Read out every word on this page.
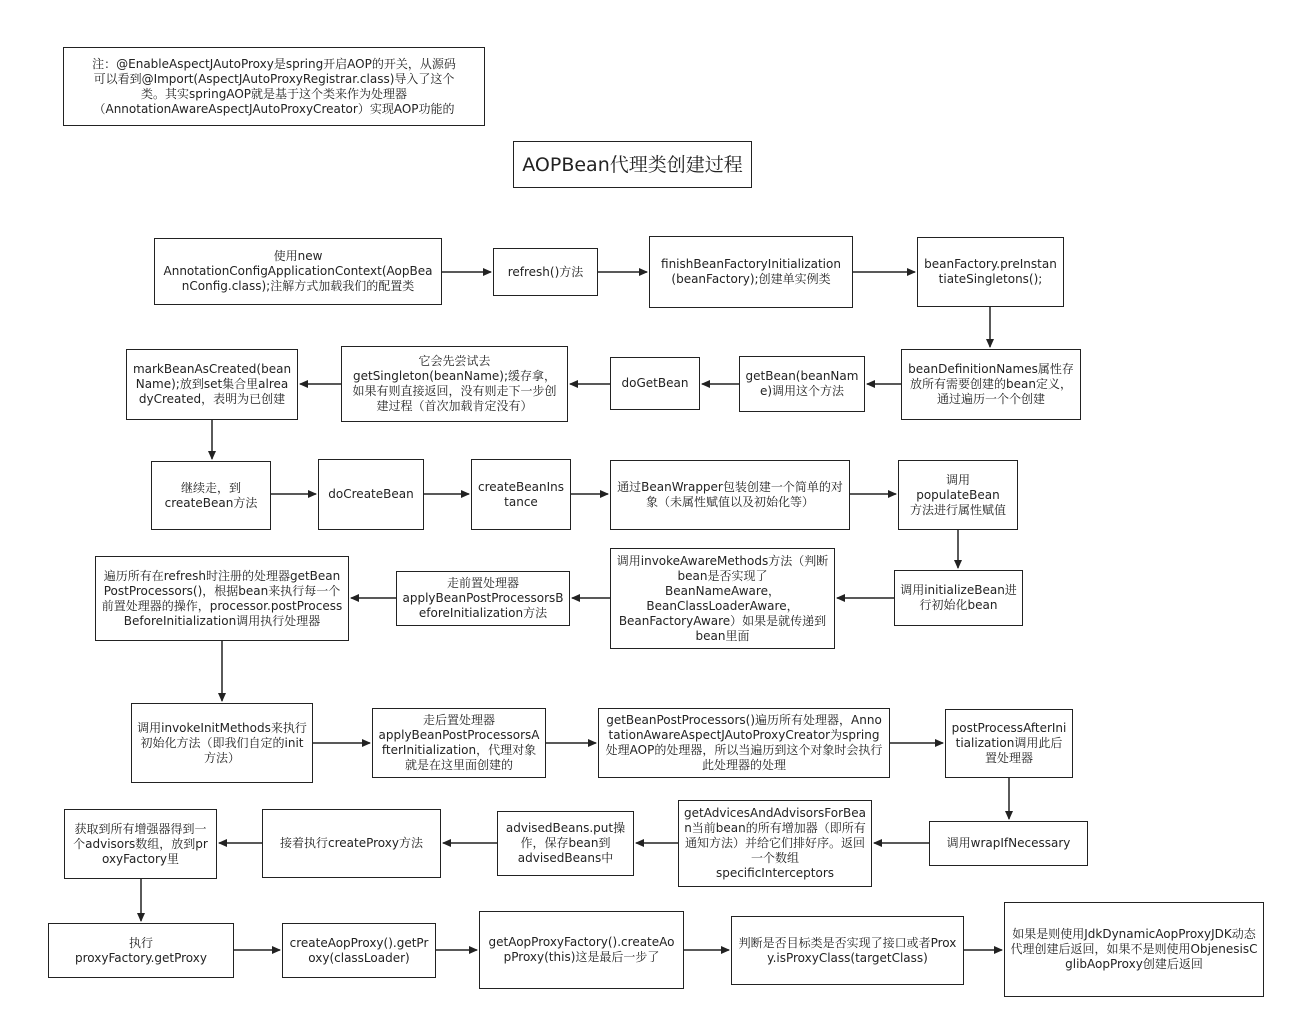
注：@EnableAspectJAutoProxy是spring开启AOP的开关，从源码
可以看到@Import(AspectJAutoProxyRegistrar.class)导入了这个
类。其实springAOP就是基于这个类来作为处理器
（AnnotationAwareAspectJAutoProxyCreator）实现AOP功能的
AOPBean代理类创建过程
使用new
AnnotationConfigApplicationContext(AopBeanConfig.class);注解方式加载我们的配置类
refresh()方法
finishBeanFactoryInitialization(beanFactory);创建单实例类
beanFactory.preInstantiateSingletons();
beanDefinitionNames属性存放所有需要创建的bean定义，通过遍历一个个创建
getBean(beanName)调用这个方法
doGetBean
它会先尝试去
getSingleton(beanName);缓存拿，如果有则直接返回，没有则走下一步创建过程（首次加载肯定没有）
markBeanAsCreated(beanName);放到set集合里alreadyCreated，表明为已创建
继续走，到
createBean方法
doCreateBean
createBeanInstance
通过BeanWrapper包装创建一个简单的对象（未属性赋值以及初始化等）
调用
populateBean
方法进行属性赋值
调用initializeBean进行初始化bean
调用invokeAwareMethods方法（判断bean是否实现了
BeanNameAware，
BeanClassLoaderAware，
BeanFactoryAware）如果是就传递到bean里面
走前置处理器
applyBeanPostProcessorsBeforeInitialization方法
遍历所有在refresh时注册的处理器getBeanPostProcessors()，根据bean来执行每一个前置处理器的操作，processor.postProcessBeforeInitialization调用执行处理器
调用invokeInitMethods来执行初始化方法（即我们自定的init方法）
走后置处理器
applyBeanPostProcessorsAfterInitialization，代理对象就是在这里面创建的
getBeanPostProcessors()遍历所有处理器，AnnotationAwareAspectJAutoProxyCreator为spring处理AOP的处理器，所以当遍历到这个对象时会执行此处理器的处理
postProcessAfterInitialization调用此后置处理器
调用wrapIfNecessary
getAdvicesAndAdvisorsForBean当前bean的所有增加器（即所有通知方法）并给它们排好序。返回一个数组
specificInterceptors
advisedBeans.put操作，保存bean到
advisedBeans中
接着执行createProxy方法
获取到所有增强器得到一个advisors数组，放到proxyFactory里
执行
proxyFactory.getProxy
createAopProxy().getProxy(classLoader)
getAopProxyFactory().createAopProxy(this)这是最后一步了
判断是否目标类是否实现了接口或者Proxy.isProxyClass(targetClass)
如果是则使用JdkDynamicAopProxyJDK动态代理创建后返回，如果不是则使用ObjenesisCglibAopProxy创建后返回
